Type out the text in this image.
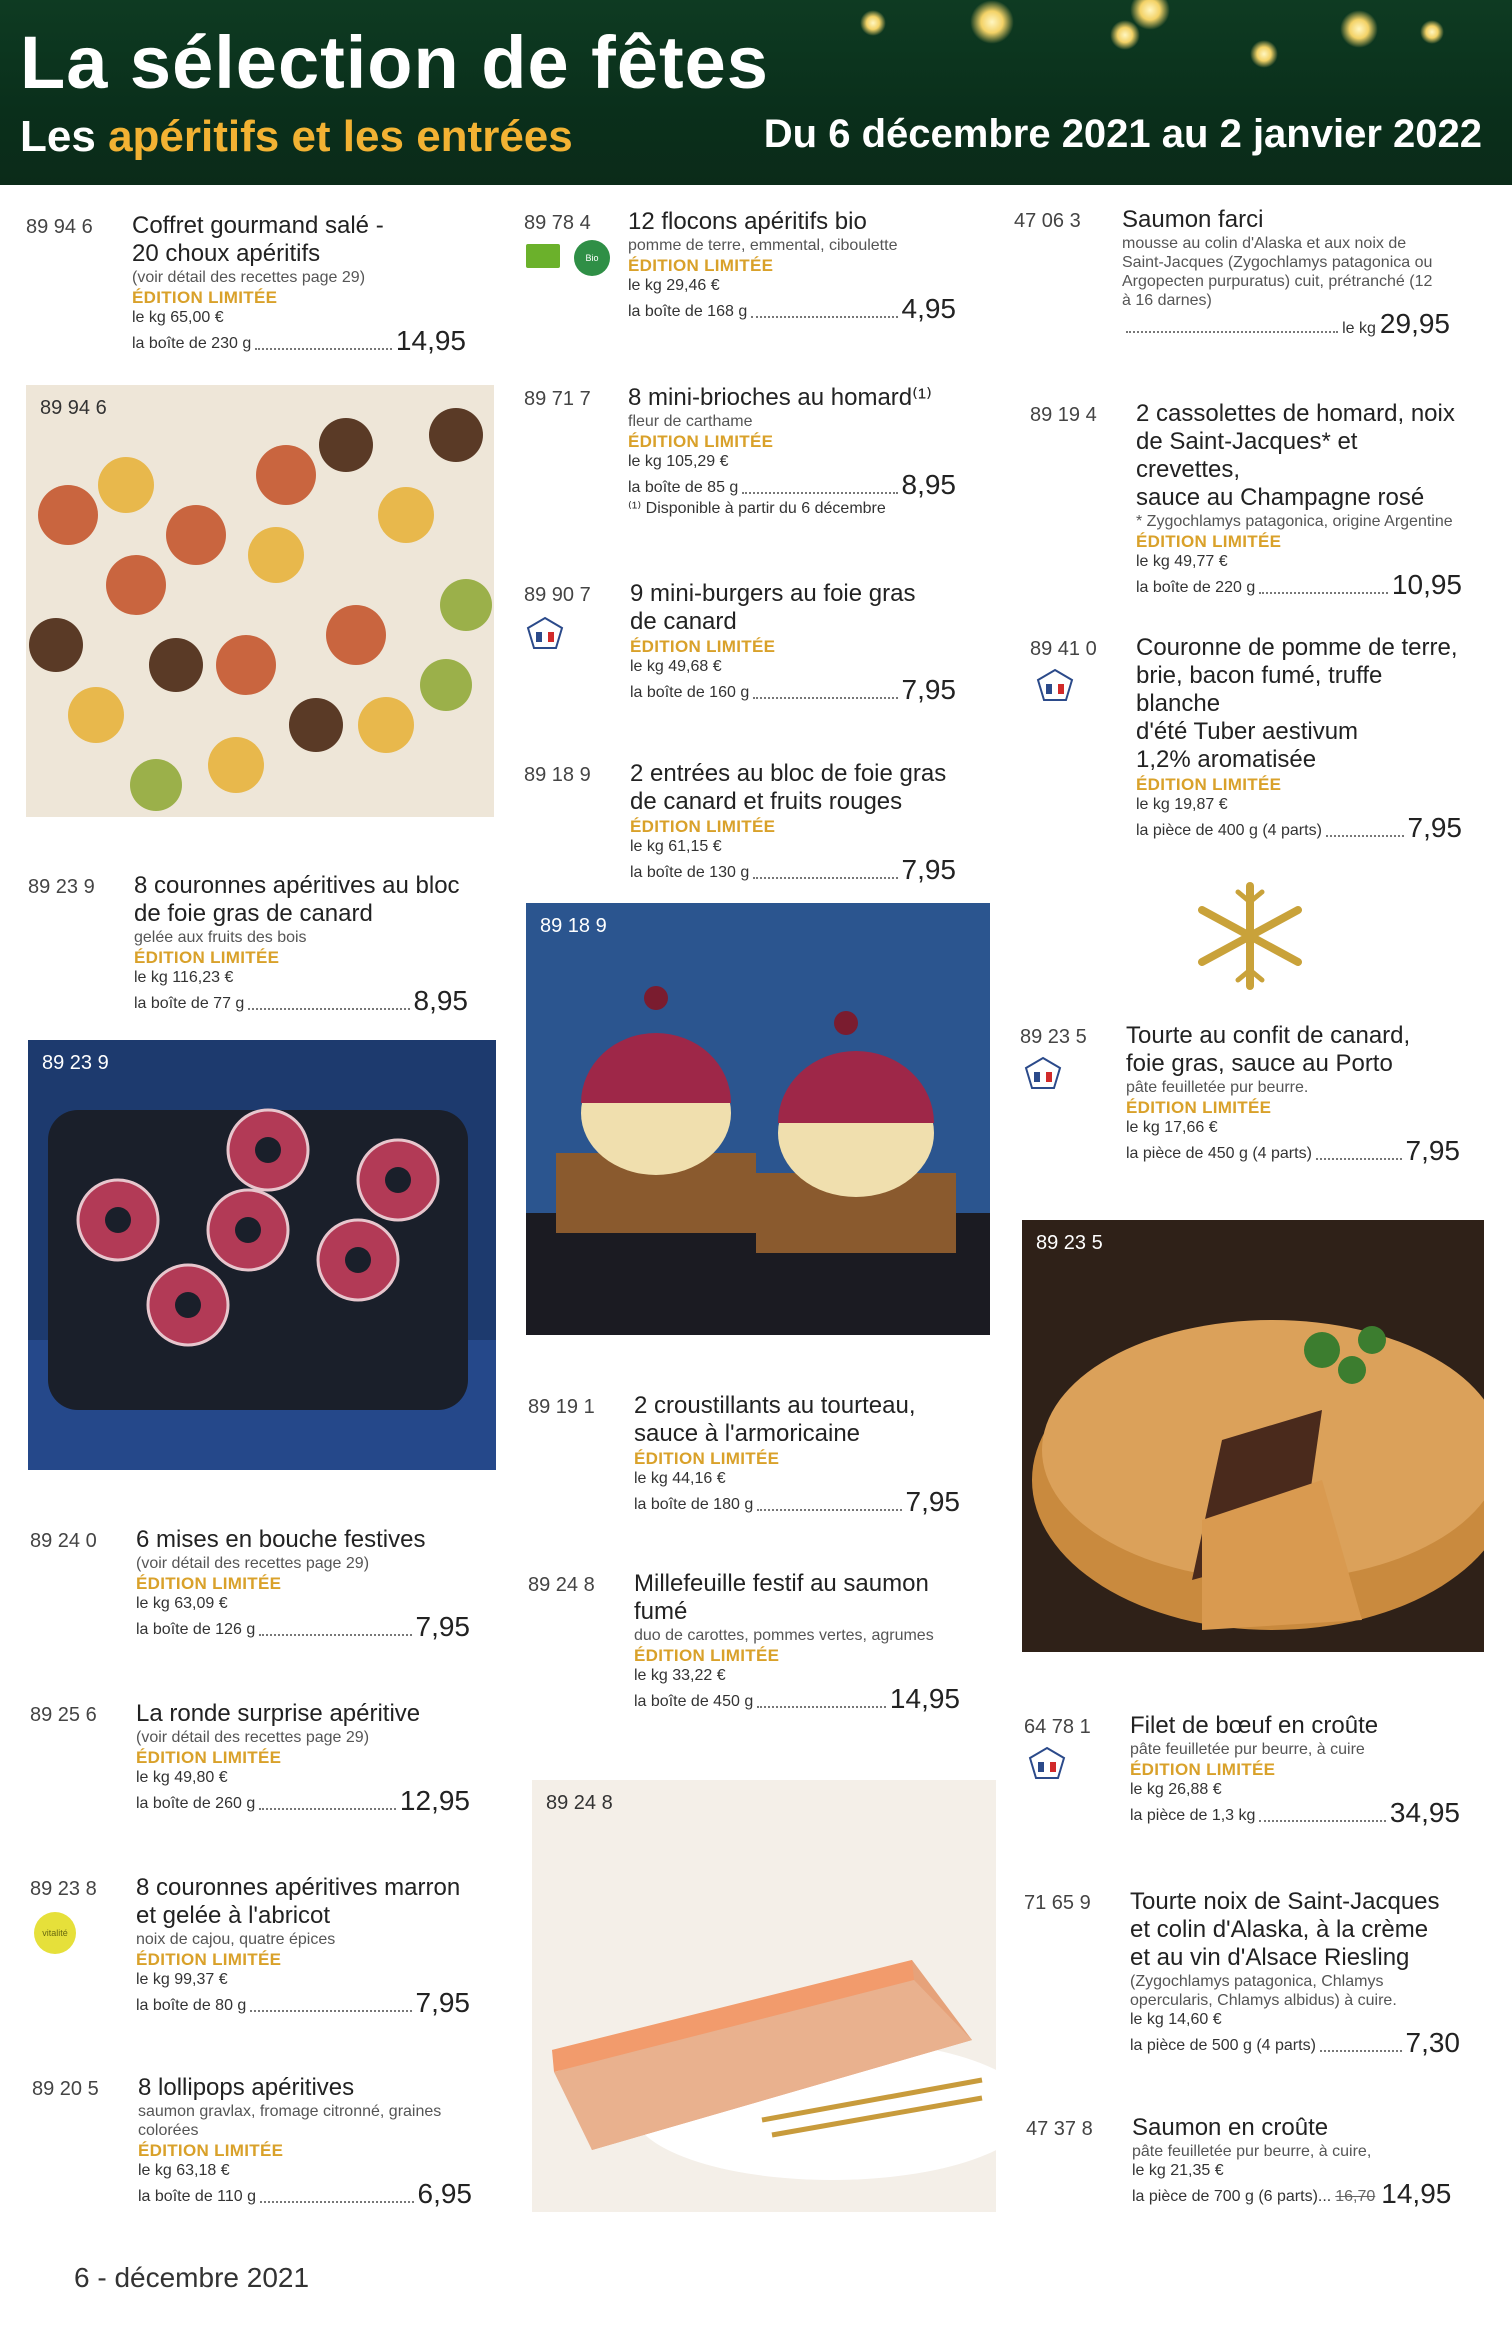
La sélection de fêtes
Les apéritifs et les entrées	Du 6 décembre 2021 au 2 janvier 2022
89 94 6
89 23 9
89 18 9
89 24 8
89 23 5
89 94 6 Coffret gourmand salé -
20 choux apéritifs
(voir détail des recettes page 29)
ÉDITION LIMITÉE
le kg 65,00 €
la boîte de 230 g	14,95
89 23 9 8 couronnes apéritives au bloc
de foie gras de canard
gelée aux fruits des bois
ÉDITION LIMITÉE
le kg 116,23 €
la boîte de 77 g	8,95
89 24 0 6 mises en bouche festives
(voir détail des recettes page 29)
ÉDITION LIMITÉE
le kg 63,09 €
la boîte de 126 g	7,95
89 25 6 La ronde surprise apéritive
(voir détail des recettes page 29)
ÉDITION LIMITÉE
le kg 49,80 €
la boîte de 260 g	12,95
89 23 8
vitalité
8 couronnes apéritives marron
et gelée à l'abricot
noix de cajou, quatre épices
ÉDITION LIMITÉE
le kg 99,37 €
la boîte de 80 g	7,95
89 20 5 8 lollipops apéritives
saumon gravlax, fromage citronné, graines colorées
ÉDITION LIMITÉE
le kg 63,18 €
la boîte de 110 g	6,95
89 78 4
Bio
12 flocons apéritifs bio
pomme de terre, emmental, ciboulette
ÉDITION LIMITÉE
le kg 29,46 €
la boîte de 168 g	4,95
89 71 7 8 mini-brioches au homard⁽¹⁾
fleur de carthame
ÉDITION LIMITÉE
le kg 105,29 €
la boîte de 85 g	8,95
⁽¹⁾ Disponible à partir du 6 décembre
89 90 7 9 mini-burgers au foie gras
de canard
ÉDITION LIMITÉE
le kg 49,68 €
la boîte de 160 g	7,95
89 18 9 2 entrées au bloc de foie gras
de canard et fruits rouges
ÉDITION LIMITÉE
le kg 61,15 €
la boîte de 130 g	7,95
89 19 1 2 croustillants au tourteau,
sauce à l'armoricaine
ÉDITION LIMITÉE
le kg 44,16 €
la boîte de 180 g	7,95
89 24 8 Millefeuille festif au saumon
fumé
duo de carottes, pommes vertes, agrumes
ÉDITION LIMITÉE
le kg 33,22 €
la boîte de 450 g	14,95
47 06 3 Saumon farci
mousse au colin d'Alaska et aux noix de Saint-Jacques (Zygochlamys patagonica ou Argopecten purpuratus) cuit, prétranché (12 à 16 darnes)
le kg 29,95
89 19 4 2 cassolettes de homard, noix
de Saint-Jacques* et crevettes,
sauce au Champagne rosé
* Zygochlamys patagonica, origine Argentine
ÉDITION LIMITÉE
le kg 49,77 €
la boîte de 220 g	10,95
89 41 0 Couronne de pomme de terre,
brie, bacon fumé, truffe blanche
d'été Tuber aestivum
1,2% aromatisée
ÉDITION LIMITÉE
le kg 19,87 €
la pièce de 400 g (4 parts)	7,95
89 23 5 Tourte au confit de canard,
foie gras, sauce au Porto
pâte feuilletée pur beurre.
ÉDITION LIMITÉE
le kg 17,66 €
la pièce de 450 g (4 parts)	7,95
64 78 1 Filet de bœuf en croûte
pâte feuilletée pur beurre, à cuire
ÉDITION LIMITÉE
le kg 26,88 €
la pièce de 1,3 kg	34,95
71 65 9 Tourte noix de Saint-Jacques
et colin d'Alaska, à la crème
et au vin d'Alsace Riesling
(Zygochlamys patagonica, Chlamys opercularis, Chlamys albidus) à cuire.
le kg 14,60 €
la pièce de 500 g (4 parts)	7,30
47 37 8 Saumon en croûte
pâte feuilletée pur beurre, à cuire,
le kg 21,35 €
la pièce de 700 g (6 parts)... 16,70 14,95
6 - décembre 2021
